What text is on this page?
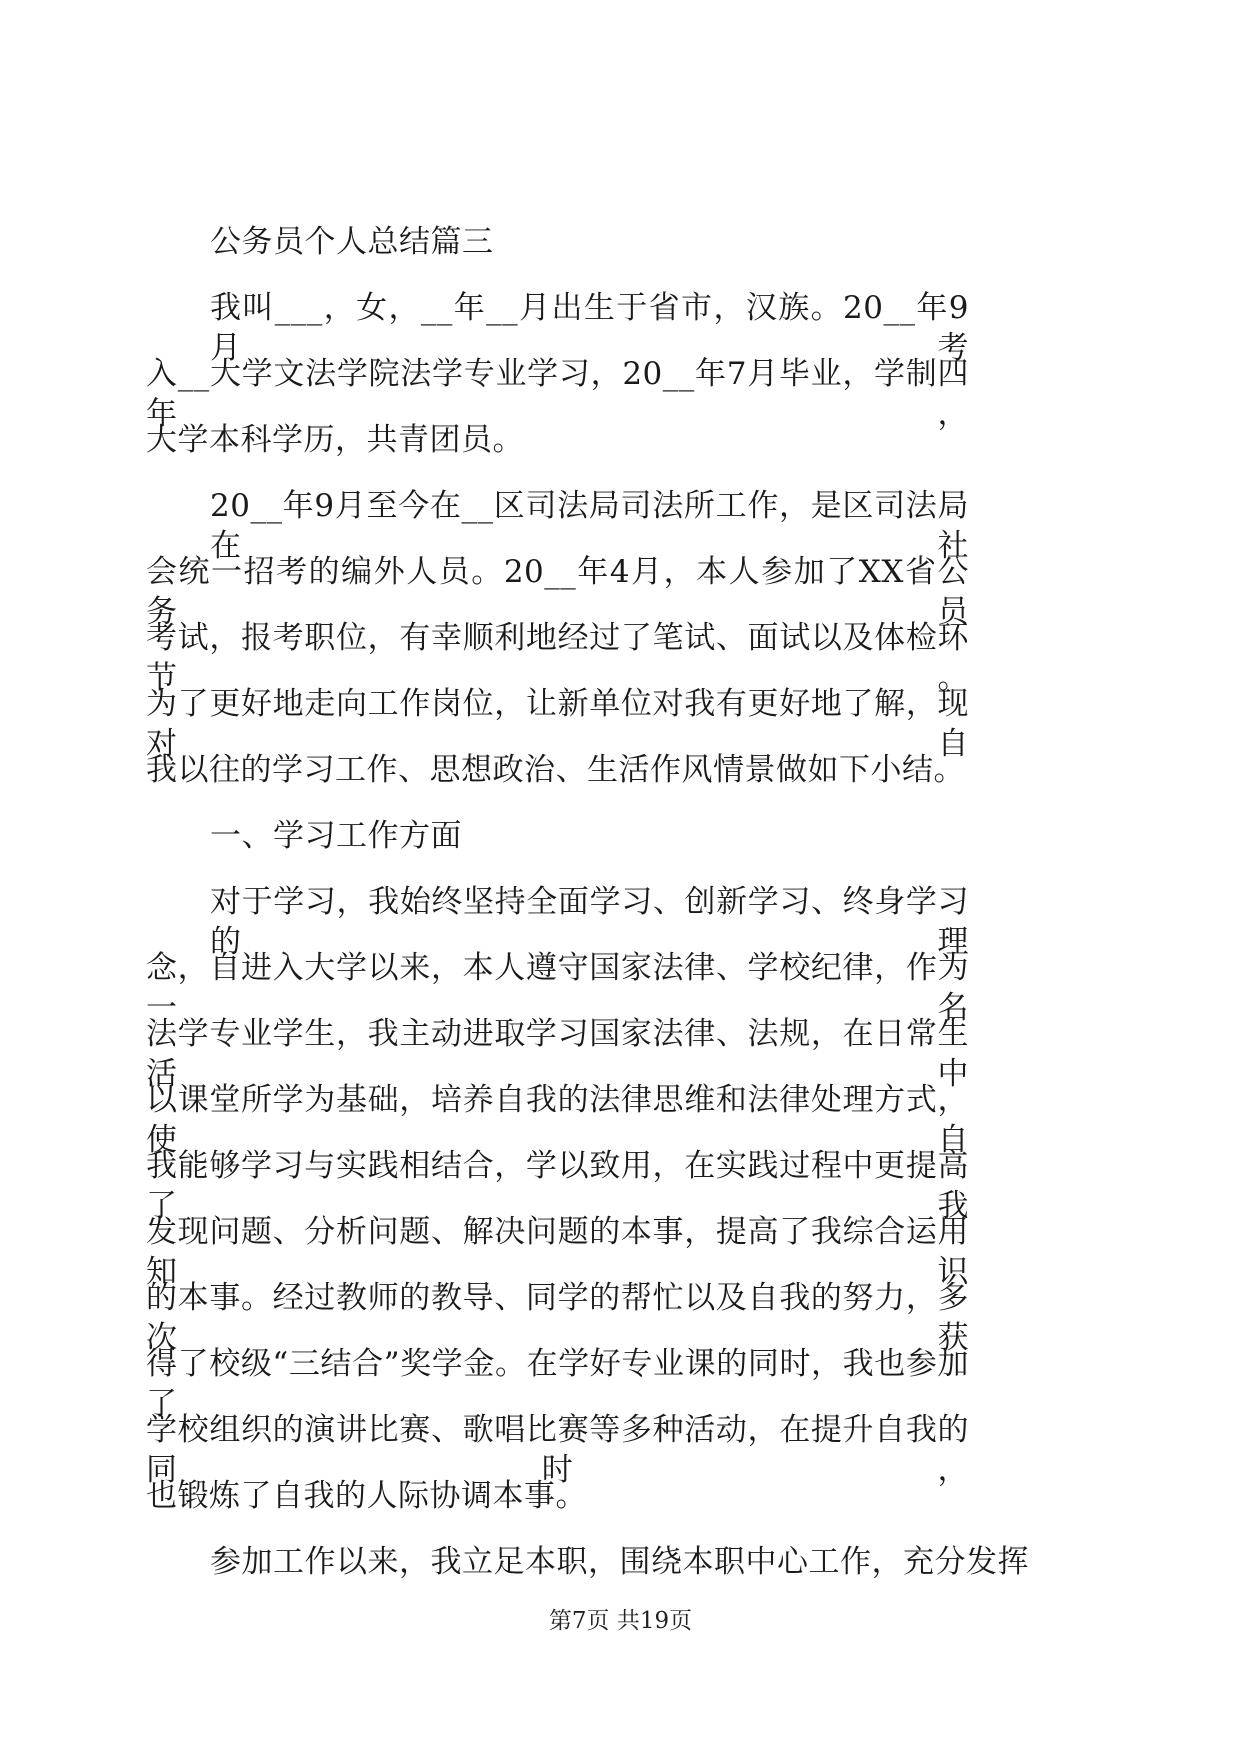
公务员个人总结篇三
我叫___，女，__年__月出生于省市，汉族。20__年9月考
入__大学文法学院法学专业学习，20__年7月毕业，学制四年，
大学本科学历，共青团员。
20__年9月至今在__区司法局司法所工作，是区司法局在社
会统一招考的编外人员。20__年4月，本人参加了XX省公务员
考试，报考职位，有幸顺利地经过了笔试、面试以及体检环节。
为了更好地走向工作岗位，让新单位对我有更好地了解，现对自
我以往的学习工作、思想政治、生活作风情景做如下小结。
一、学习工作方面
对于学习，我始终坚持全面学习、创新学习、终身学习的理
念，自进入大学以来，本人遵守国家法律、学校纪律，作为一名
法学专业学生，我主动进取学习国家法律、法规，在日常生活中
以课堂所学为基础，培养自我的法律思维和法律处理方式，使自
我能够学习与实践相结合，学以致用，在实践过程中更提高了我
发现问题、分析问题、解决问题的本事，提高了我综合运用知识
的本事。经过教师的教导、同学的帮忙以及自我的努力，多次获
得了校级“三结合”奖学金。在学好专业课的同时，我也参加了
学校组织的演讲比赛、歌唱比赛等多种活动，在提升自我的同时，
也锻炼了自我的人际协调本事。
参加工作以来，我立足本职，围绕本职中心工作，充分发挥
第7页 共19页
